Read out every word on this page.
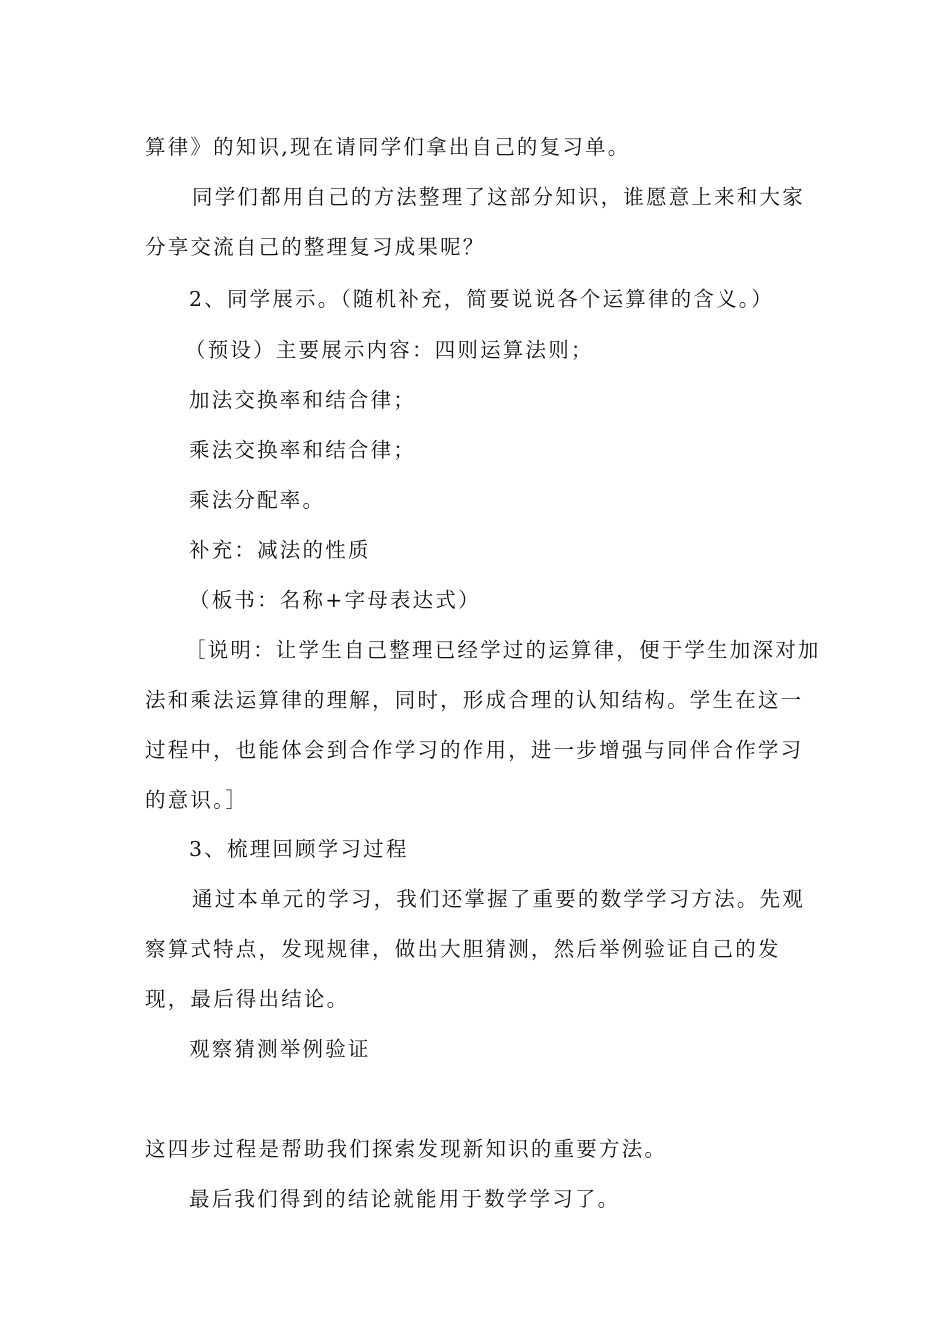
算律》的知识,现在请同学们拿出自己的复习单。
同学们都用自己的方法整理了这部分知识，谁愿意上来和大家
分享交流自己的整理复习成果呢？
2、同学展示。（随机补充，简要说说各个运算律的含义。）
（预设）主要展示内容：四则运算法则；
加法交换率和结合律；
乘法交换率和结合律；
乘法分配率。
补充：减法的性质
（板书：名称+字母表达式）
［说明：让学生自己整理已经学过的运算律，便于学生加深对加
法和乘法运算律的理解，同时，形成合理的认知结构。学生在这一
过程中，也能体会到合作学习的作用，进一步增强与同伴合作学习
的意识。］
3、梳理回顾学习过程
通过本单元的学习，我们还掌握了重要的数学学习方法。先观
察算式特点，发现规律，做出大胆猜测，然后举例验证自己的发
现，最后得出结论。
观察猜测举例验证
这四步过程是帮助我们探索发现新知识的重要方法。
最后我们得到的结论就能用于数学学习了。
